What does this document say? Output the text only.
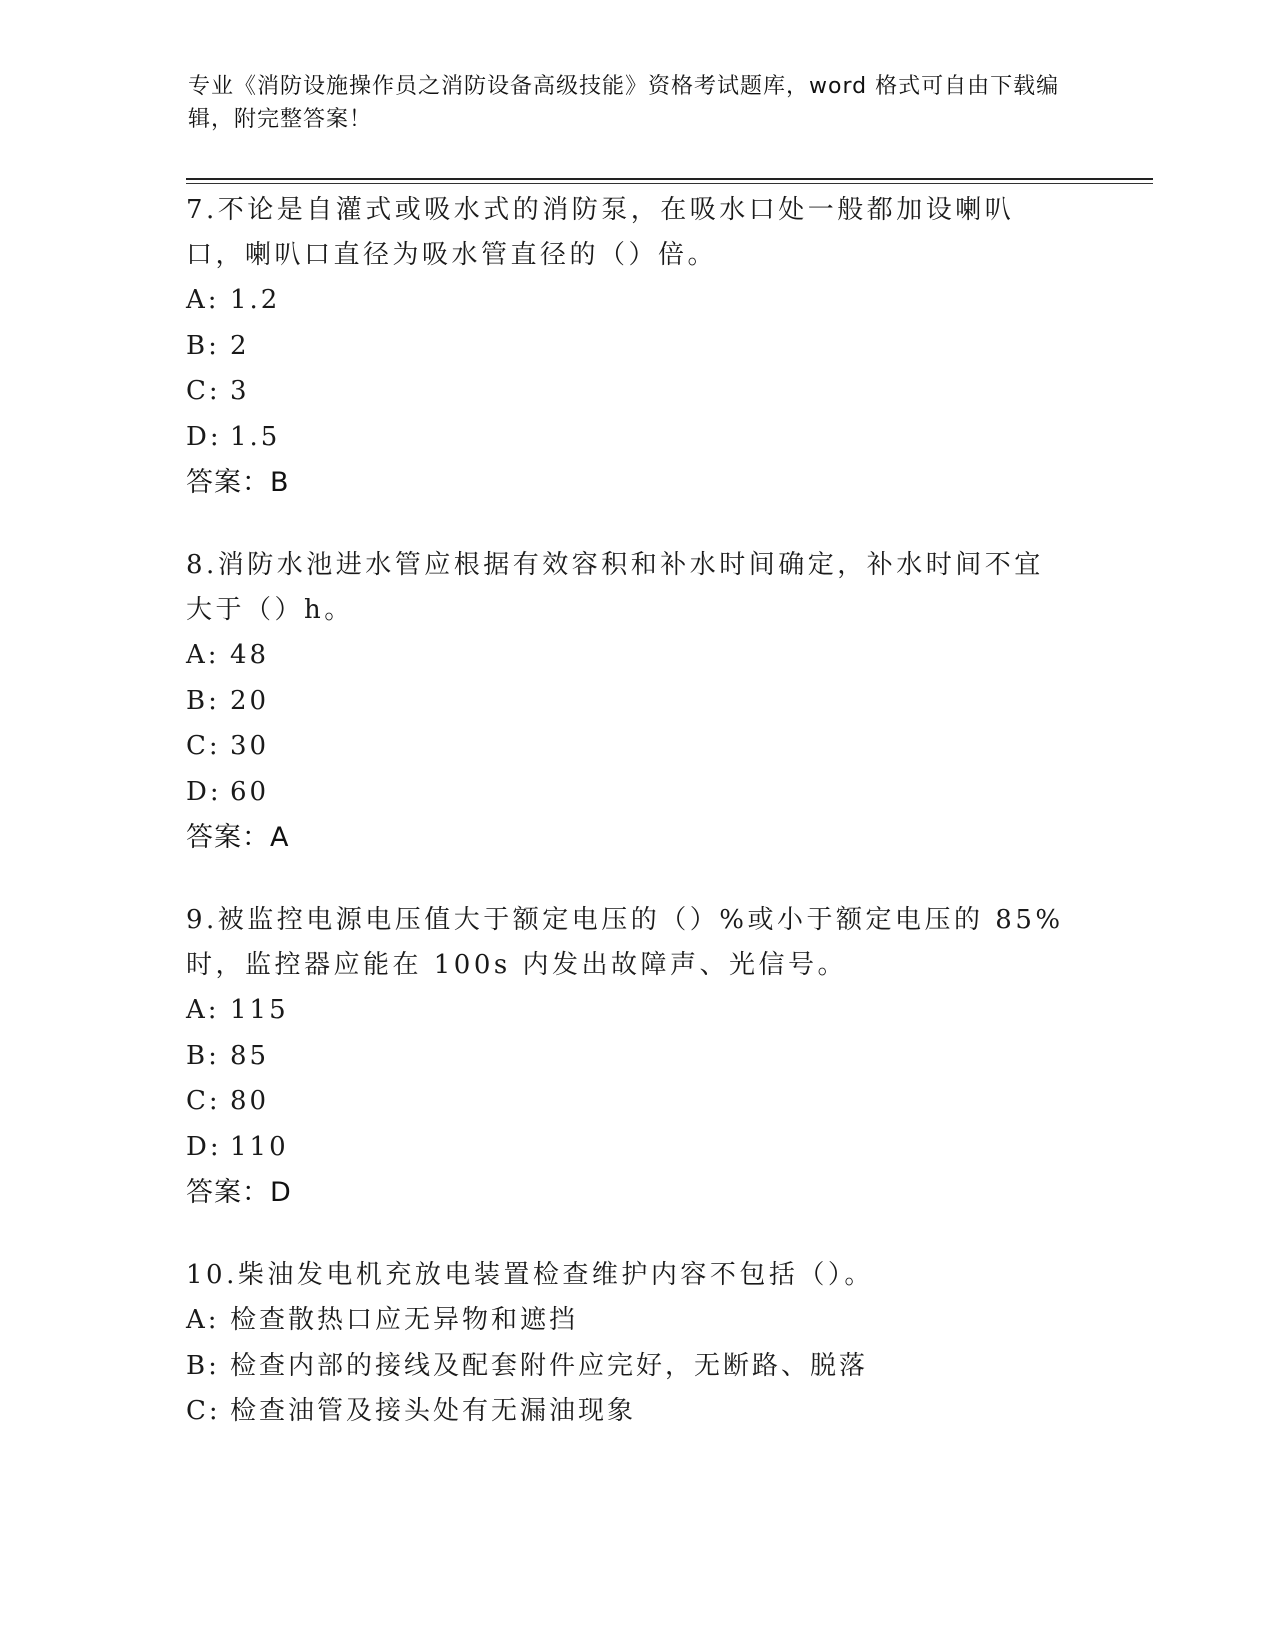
专业《消防设施操作员之消防设备高级技能》资格考试题库，word 格式可自由下载编辑，附完整答案！

7.不论是自灌式或吸水式的消防泵，在吸水口处一般都加设喇叭口，喇叭口直径为吸水管直径的（）倍。

A: 1.2
B: 2
C: 3
D: 1.5
答案：B

8.消防水池进水管应根据有效容积和补水时间确定，补水时间不宜大于（）h。

A: 48
B: 20
C: 30
D: 60
答案：A

9.被监控电源电压值大于额定电压的（）%或小于额定电压的 85%时，监控器应能在 100s 内发出故障声、光信号。

A: 115
B: 85
C: 80
D: 110
答案：D

10.柴油发电机充放电装置检查维护内容不包括（）。

A: 检查散热口应无异物和遮挡
B: 检查内部的接线及配套附件应完好，无断路、脱落
C: 检查油管及接头处有无漏油现象
